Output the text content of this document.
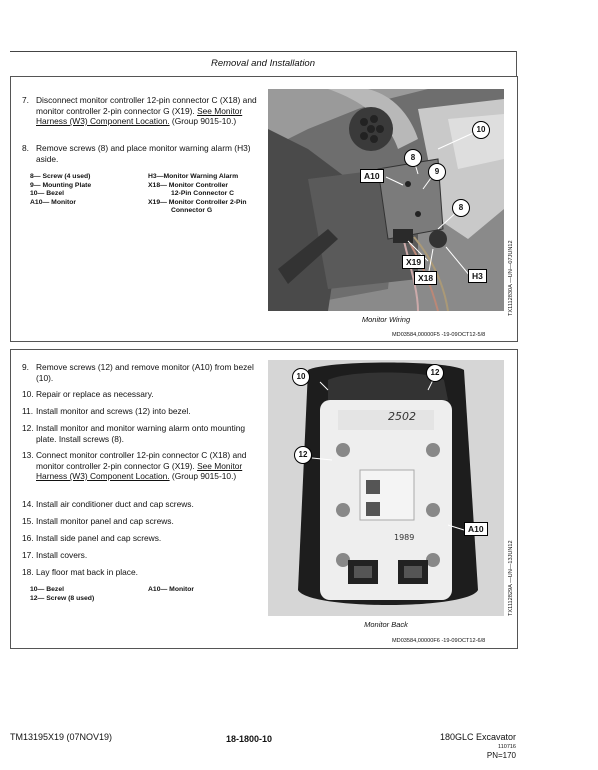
Removal and Installation
7. Disconnect monitor controller 12-pin connector C (X18) and monitor controller 2-pin connector G (X19). See Monitor Harness (W3) Component Location. (Group 9015-10.)
8. Remove screws (8) and place monitor warning alarm (H3) aside.
8— Screw (4 used)
9— Mounting Plate
10— Bezel
A10— Monitor
H3—Monitor Warning Alarm
X18— Monitor Controller
12-Pin Connector C
X19— Monitor Controller 2-Pin
Connector G
10
8
9
A10
8
X19
X18	H3	TX1112830A —UN—07JUN12
Monitor Wiring
MD03584,00000F5 -19-09OCT12-5/8
9. Remove screws (12) and remove monitor (A10) from bezel (10).
10. Repair or replace as necessary.
11. Install monitor and screws (12) into bezel.
12. Install monitor and monitor warning alarm onto mounting plate. Install screws (8).
13. Connect monitor controller 12-pin connector C (X18) and monitor controller 2-pin connector G (X19). See Monitor Harness (W3) Component Location. (Group 9015-10.)
14. Install air conditioner duct and cap screws.
15. Install monitor panel and cap screws.
16. Install side panel and cap screws.
17. Install covers.
18. Lay floor mat back in place.
10— Bezel
12— Screw (8 used)
A10— Monitor
2502
1989
10	12
12
A10
TX1112829A —UN—13JUN12
Monitor Back
MD03584,00000F6 -19-09OCT12-6/8
TM13195X19 (07NOV19)	18-1800-10	180GLC Excavator
110716
PN=170
